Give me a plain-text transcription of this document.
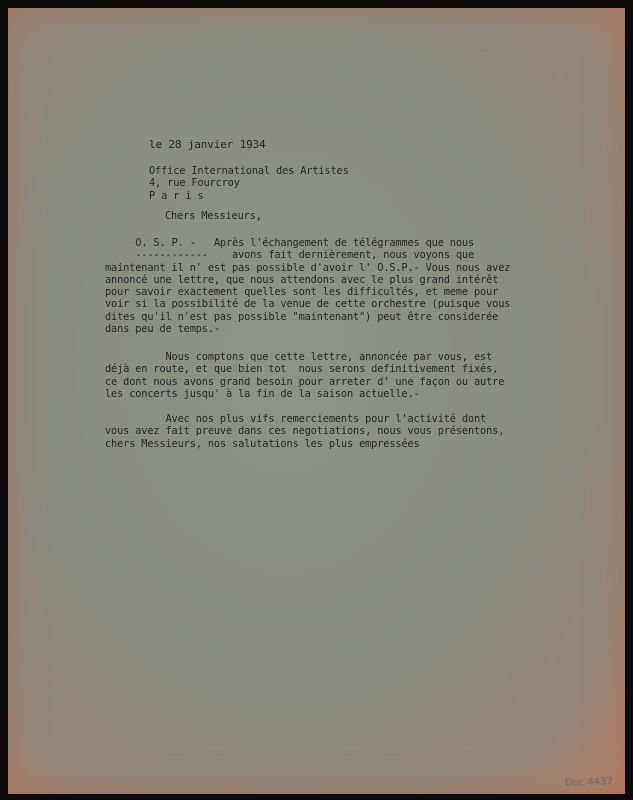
le 28 janvier 1934
Office International des Artistes
4, rue Fourcroy
P a r i s
Chers Messieurs,
O. S. P. -   Après l'échangement de télégrammes que nous
------------    avons fait dernièrement, nous voyons que
maintenant il n' est pas possible d'avoir l' O.S.P.- Vous nous avez
annoncé une lettre, que nous attendons avec le plus grand intérêt
pour savoir exactement quelles sont les difficultés, et meme pour
voir si la possibilité de la venue de cette orchestre (puisque vous
dites qu'il n'est pas possible "maintenant") peut être considerée
dans peu de temps.-
Nous comptons que cette lettre, annoncée par vous, est
déjà en route, et que bien tot  nous serons definitivement fixés,
ce dont nous avons grand besoin pour arreter d' une façon ou autre
les concerts jusqu' à la fin de la saison actuelle.-
Avec nos plus vifs remerciements pour l'activité dont
vous avez fait preuve dans ces negotiations, nous vous présentons,
chers Messieurs, nos salutations les plus empressées
Doc 4437
